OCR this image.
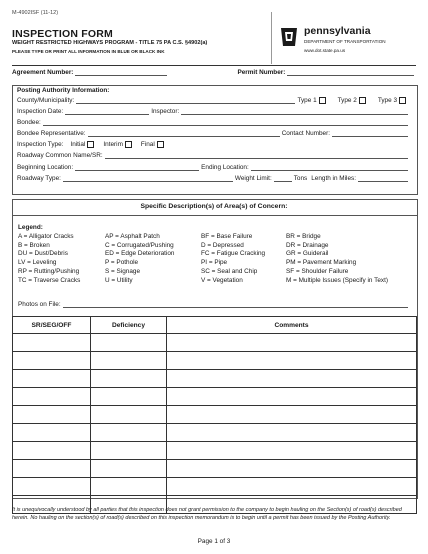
M-4902ISF (11-12)
INSPECTION FORM
WEIGHT RESTRICTED HIGHWAYS PROGRAM - TITLE 75 PA C.S. §4902(a)
PLEASE TYPE OR PRINT ALL INFORMATION IN BLUE OR BLACK INK
pennsylvania
DEPARTMENT OF TRANSPORTATION
www.dot.state.pa.us
Agreement Number:	Permit Number:
Posting Authority Information:
County/Municipality:	Type 1	Type 2	Type 3
Inspection Date:	Inspector:
Bondee:
Bondee Representative:	Contact Number:
Inspection Type: Initial	Interim	Final
Roadway Common Name/SR:
Beginning Location:	Ending Location:
Roadway Type:	Weight Limit:	Tons Length in Miles:
Specific Description(s) of Area(s) of Concern:
Legend:
A = Alligator Cracks
B = Broken
DU = Dust/Debris
LV = Leveling
RP = Rutting/Pushing
TC = Traverse Cracks
AP = Asphalt Patch
C = Corrugated/Pushing
ED = Edge Deterioration
P = Pothole
S = Signage
U = Utility
BF = Base Failure
D = Depressed
FC = Fatigue Cracking
PI = Pipe
SC = Seal and Chip
V = Vegetation
BR = Bridge
DR = Drainage
GR = Guiderail
PM = Pavement Marking
SF = Shoulder Failure
M = Multiple Issues (Specify in Text)
Photos on File:
SR/SEG/OFF	Deficiency	Comments

It is unequivocally understood by all parties that this inspection does not grant permission to the company to begin hauling on the Section(s) of road(s) described herein. No hauling on the section(s) of road(s) described on this inspection memorandum is to begin until a permit has been issued by the Posting Authority.
Page 1 of 3
